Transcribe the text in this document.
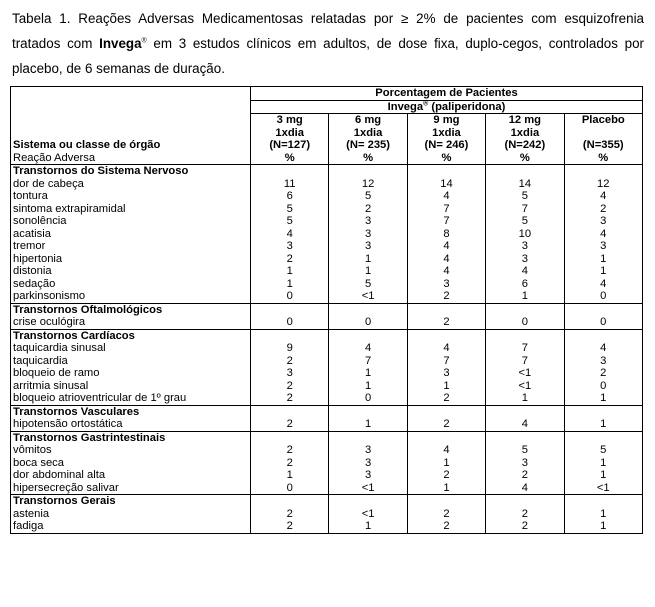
Tabela 1. Reações Adversas Medicamentosas relatadas por ≥ 2% de pacientes com esquizofrenia tratados com Invega® em 3 estudos clínicos em adultos, de dose fixa, duplo-cegos, controlados por placebo, de 6 semanas de duração.
	Porcentagem de Pacientes				
	Invega® (paliperidona)				
	3 mg	6 mg	9 mg	12 mg	Placebo
	1xdia	1xdia	1xdia	1xdia	
Sistema ou classe de órgão	(N=127)	(N= 235)	(N= 246)	(N=242)	(N=355)
Reação Adversa	%	%	%	%	%
Transtornos do Sistema Nervoso					
dor de cabeça	11	12	14	14	12
tontura	6	5	4	5	4
sintoma extrapiramidal	5	2	7	7	2
sonolência	5	3	7	5	3
acatisia	4	3	8	10	4
tremor	3	3	4	3	3
hipertonia	2	1	4	3	1
distonia	1	1	4	4	1
sedação	1	5	3	6	4
parkinsonismo	0	<1	2	1	0
Transtornos Oftalmológicos					
crise oculógira	0	0	2	0	0
Transtornos Cardíacos					
taquicardia sinusal	9	4	4	7	4
taquicardia	2	7	7	7	3
bloqueio de ramo	3	1	3	<1	2
arritmia sinusal	2	1	1	<1	0
bloqueio atrioventricular de 1º grau	2	0	2	1	1
Transtornos Vasculares					
hipotensão ortostática	2	1	2	4	1
Transtornos Gastrintestinais					
vômitos	2	3	4	5	5
boca seca	2	3	1	3	1
dor abdominal alta	1	3	2	2	1
hipersecreção salivar	0	<1	1	4	<1
Transtornos Gerais					
astenia	2	<1	2	2	1
fadiga	2	1	2	2	1
